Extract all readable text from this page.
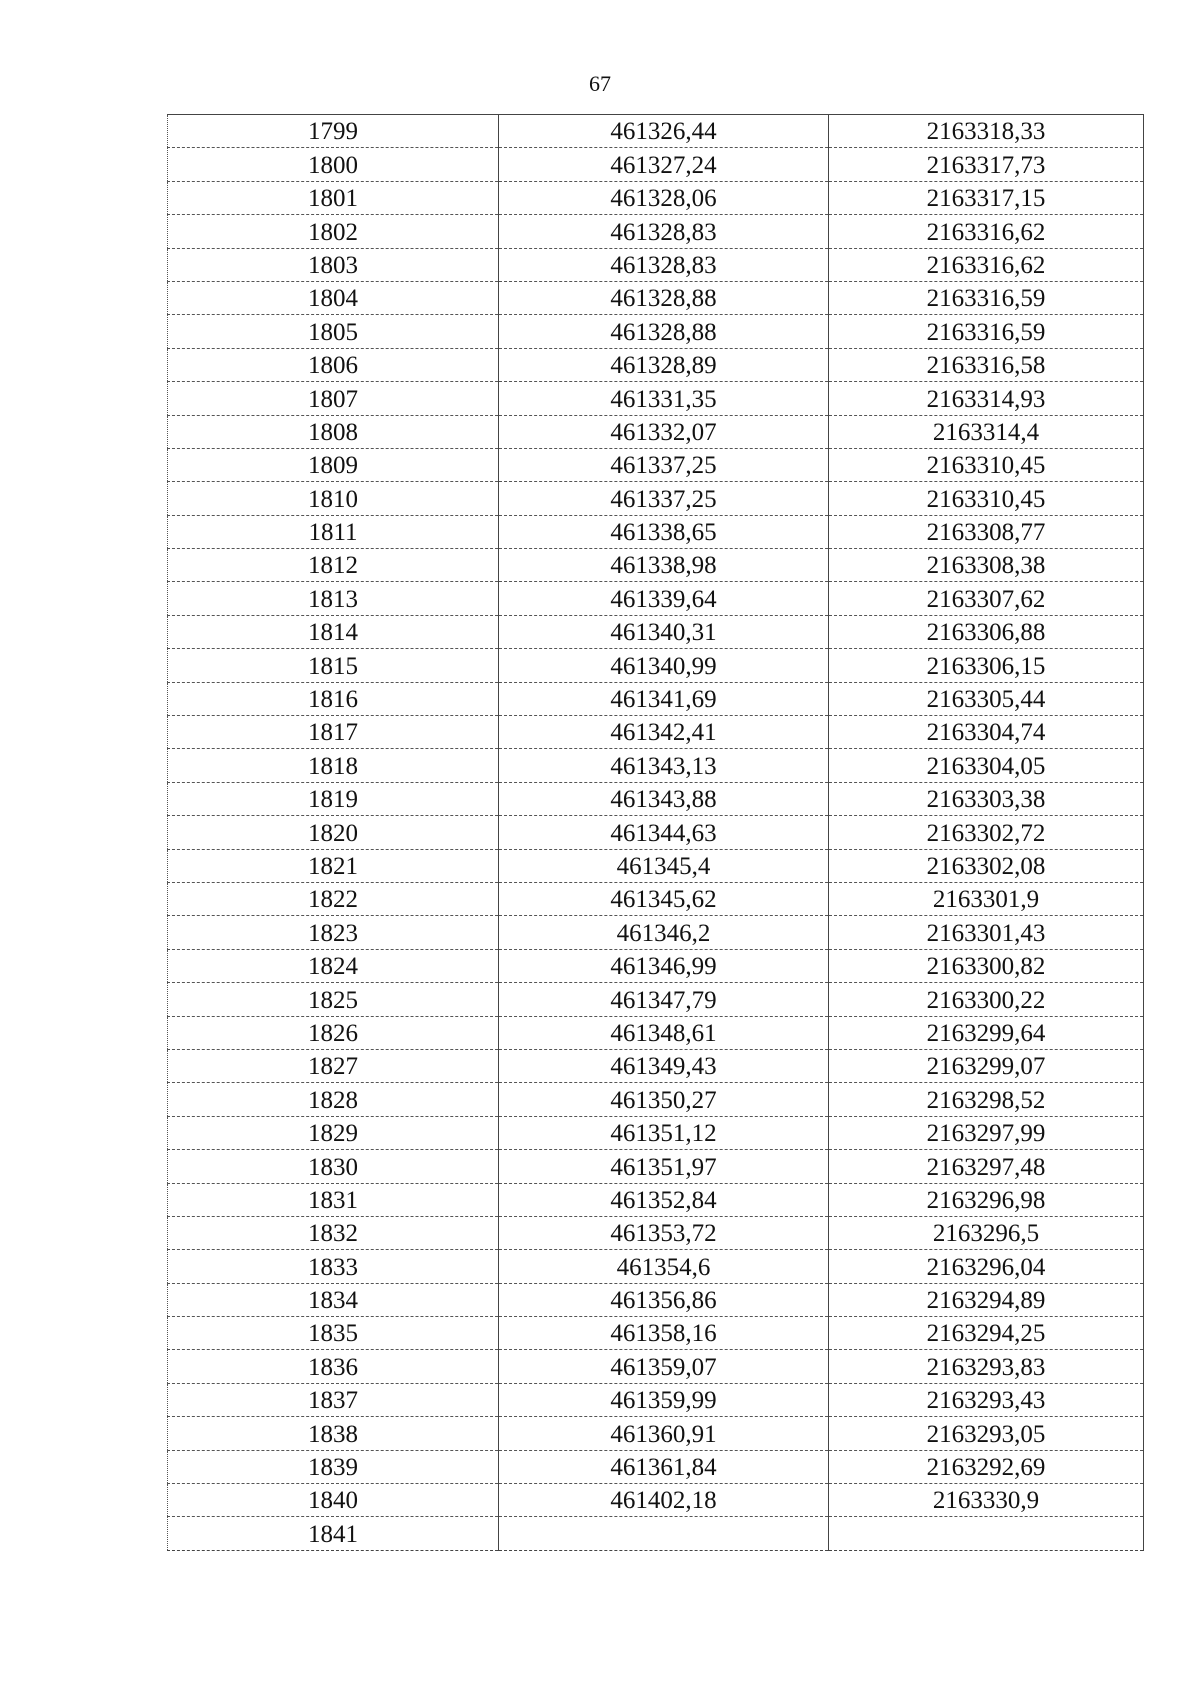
67
1799	461326,44	2163318,33
1800	461327,24	2163317,73
1801	461328,06	2163317,15
1802	461328,83	2163316,62
1803	461328,83	2163316,62
1804	461328,88	2163316,59
1805	461328,88	2163316,59
1806	461328,89	2163316,58
1807	461331,35	2163314,93
1808	461332,07	2163314,4
1809	461337,25	2163310,45
1810	461337,25	2163310,45
1811	461338,65	2163308,77
1812	461338,98	2163308,38
1813	461339,64	2163307,62
1814	461340,31	2163306,88
1815	461340,99	2163306,15
1816	461341,69	2163305,44
1817	461342,41	2163304,74
1818	461343,13	2163304,05
1819	461343,88	2163303,38
1820	461344,63	2163302,72
1821	461345,4	2163302,08
1822	461345,62	2163301,9
1823	461346,2	2163301,43
1824	461346,99	2163300,82
1825	461347,79	2163300,22
1826	461348,61	2163299,64
1827	461349,43	2163299,07
1828	461350,27	2163298,52
1829	461351,12	2163297,99
1830	461351,97	2163297,48
1831	461352,84	2163296,98
1832	461353,72	2163296,5
1833	461354,6	2163296,04
1834	461356,86	2163294,89
1835	461358,16	2163294,25
1836	461359,07	2163293,83
1837	461359,99	2163293,43
1838	461360,91	2163293,05
1839	461361,84	2163292,69
1840	461402,18	2163330,9
1841		
